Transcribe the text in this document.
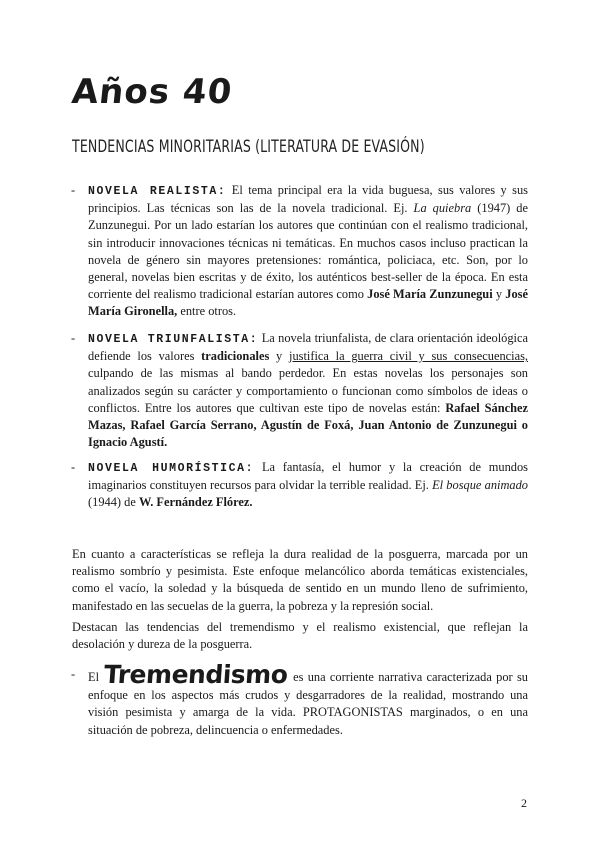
Años 40
TENDENCIAS MINORITARIAS (LITERATURA DE EVASIÓN)
- NOVELA REALISTA: El tema principal era la vida buguesa, sus valores y sus principios. Las técnicas son las de la novela tradicional. Ej. La quiebra (1947) de Zunzunegui. Por un lado estarían los autores que continúan con el realismo tradicional, sin introducir innovaciones técnicas ni temáticas. En muchos casos incluso practican la novela de género sin mayores pretensiones: romántica, policiaca, etc. Son, por lo general, novelas bien escritas y de éxito, los auténticos best-seller de la época. En esta corriente del realismo tradicional estarían autores como José María Zunzunegui y José María Gironella, entre otros.
- NOVELA TRIUNFALISTA: La novela triunfalista, de clara orientación ideológica defiende los valores tradicionales y justifica la guerra civil y sus consecuencias, culpando de las mismas al bando perdedor. En estas novelas los personajes son analizados según su carácter y comportamiento o funcionan como símbolos de ideas o conflictos. Entre los autores que cultivan este tipo de novelas están: Rafael Sánchez Mazas, Rafael García Serrano, Agustín de Foxá, Juan Antonio de Zunzunegui o Ignacio Agustí.
- NOVELA HUMORÍSTICA: La fantasía, el humor y la creación de mundos imaginarios constituyen recursos para olvidar la terrible realidad. Ej. El bosque animado (1944) de W. Fernández Flórez.
En cuanto a características se refleja la dura realidad de la posguerra, marcada por un realismo sombrío y pesimista. Este enfoque melancólico aborda temáticas existenciales, como el vacío, la soledad y la búsqueda de sentido en un mundo lleno de sufrimiento, manifestado en las secuelas de la guerra, la pobreza y la represión social.
Destacan las tendencias del tremendismo y el realismo existencial, que reflejan la desolación y dureza de la posguerra.
- El Tremendismo es una corriente narrativa caracterizada por su enfoque en los aspectos más crudos y desgarradores de la realidad, mostrando una visión pesimista y amarga de la vida. PROTAGONISTAS marginados, o en una situación de pobreza, delincuencia o enfermedades.
2
